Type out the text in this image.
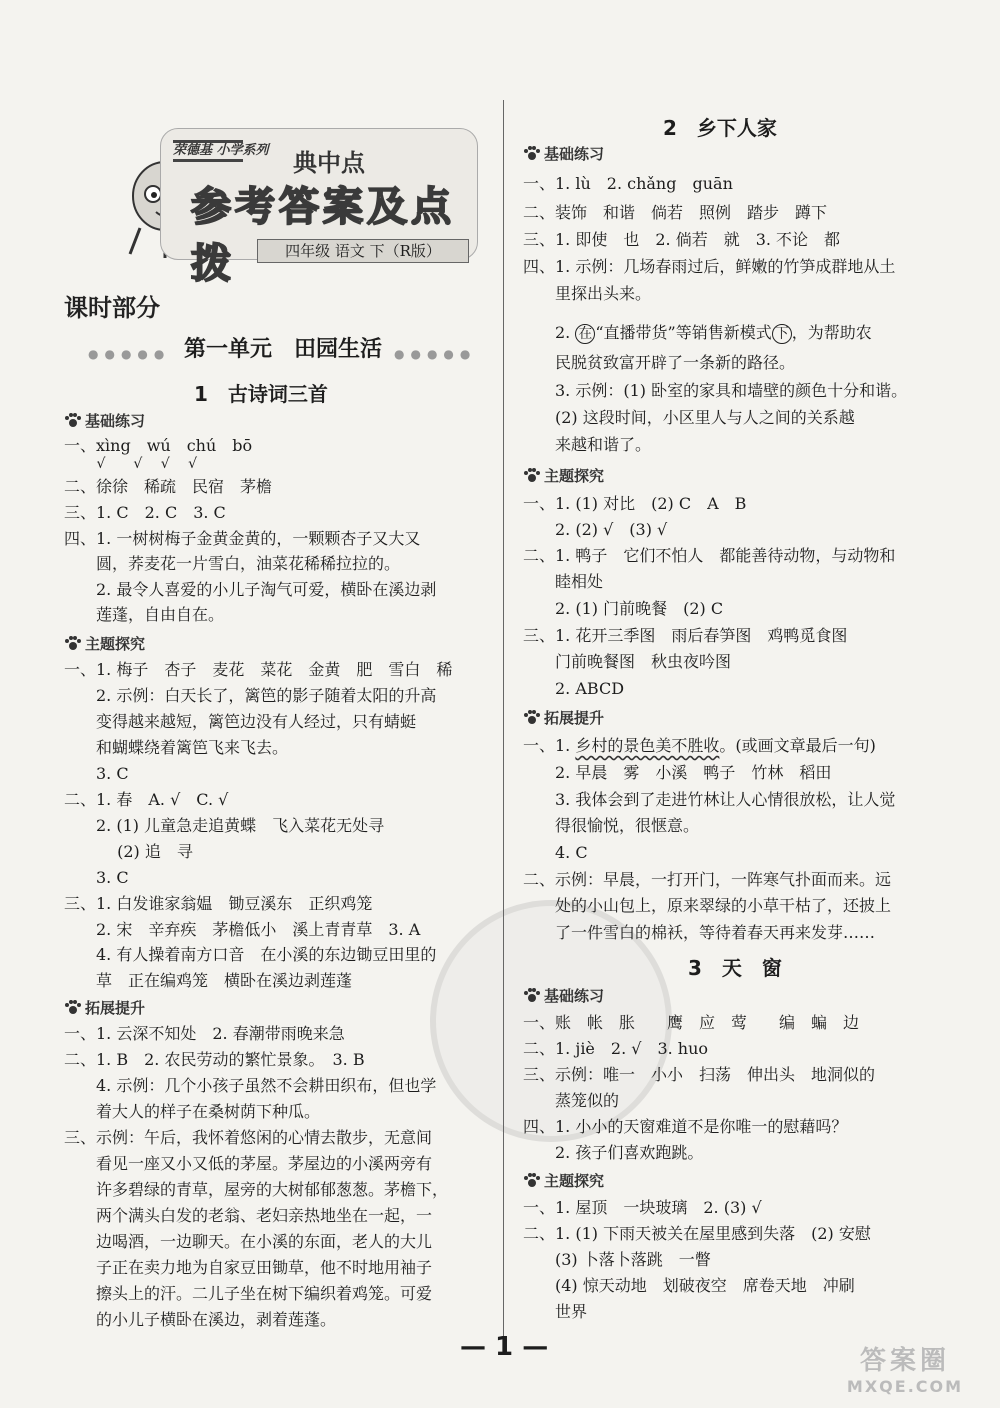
荣德基 小学系列	典中点
参考答案及点拨	四年级 语文 下（R版）
课时部分
●●●●● 第一单元　田园生活 ●●●●●
1　古诗词三首
基础练习
一、xìng　wú　chú　bō
　　 √　　√　 √　 √
二、徐徐　稀疏　民宿　茅檐
三、1. C　2. C　3. C
四、1. 一树树梅子金黄金黄的，一颗颗杏子又大又
　　圆，荞麦花一片雪白，油菜花稀稀拉拉的。
　　2. 最令人喜爱的小儿子淘气可爱，横卧在溪边剥
　　莲蓬，自由自在。
主题探究
一、1. 梅子　杏子　麦花　菜花　金黄　肥　雪白　稀
　　2. 示例：白天长了，篱笆的影子随着太阳的升高
　　变得越来越短，篱笆边没有人经过，只有蜻蜓
　　和蝴蝶绕着篱笆飞来飞去。
　　3. C
二、1. 春　A. √　C. √
　　2. (1) 儿童急走追黄蝶　飞入菜花无处寻
　　　 (2) 追　寻
　　3. C
三、1. 白发谁家翁媪　锄豆溪东　正织鸡笼
　　2. 宋　辛弃疾　茅檐低小　溪上青青草　3. A
　　4. 有人操着南方口音　在小溪的东边锄豆田里的
　　草　正在编鸡笼　横卧在溪边剥莲蓬
拓展提升
一、1. 云深不知处　2. 春潮带雨晚来急
二、1. B　2. 农民劳动的繁忙景象。　3. B
　　4. 示例：几个小孩子虽然不会耕田织布，但也学
　　着大人的样子在桑树荫下种瓜。
三、示例：午后，我怀着悠闲的心情去散步，无意间
　　看见一座又小又低的茅屋。茅屋边的小溪两旁有
　　许多碧绿的青草，屋旁的大树郁郁葱葱。茅檐下，
　　两个满头白发的老翁、老妇亲热地坐在一起，一
　　边喝酒，一边聊天。在小溪的东面，老人的大儿
　　子正在卖力地为自家豆田锄草，他不时地用袖子
　　擦头上的汗。二儿子坐在树下编织着鸡笼。可爱
　　的小儿子横卧在溪边，剥着莲蓬。
2　乡下人家
基础练习
一、1. lù　2. chǎng　guān
二、装饰　和谐　倘若　照例　踏步　蹲下
三、1. 即使　也　2. 倘若　就　3. 不论　都
四、1. 示例：几场春雨过后，鲜嫩的竹笋成群地从土
　　里探出头来。
　　2. 在 “直播带货”等销售新模式 下 ，为帮助农
　　民脱贫致富开辟了一条新的路径。
　　3. 示例：(1) 卧室的家具和墙壁的颜色十分和谐。
　　(2) 这段时间，小区里人与人之间的关系越
　　来越和谐了。
主题探究
一、1. (1) 对比　(2) C　A　B
　　2. (2) √　(3) √
二、1. 鸭子　它们不怕人　都能善待动物，与动物和
　　睦相处
　　2. (1) 门前晚餐　(2) C
三、1. 花开三季图　雨后春笋图　鸡鸭觅食图
　　门前晚餐图　秋虫夜吟图
　　2. ABCD
拓展提升
一、1. 乡村的景色美不胜收。(或画文章最后一句)
　　2. 早晨　雾　小溪　鸭子　竹林　稻田
　　3. 我体会到了走进竹林让人心情很放松，让人觉
　　得很愉悦，很惬意。
　　4. C
二、示例：早晨，一打开门，一阵寒气扑面而来。远
　　处的小山包上，原来翠绿的小草干枯了，还披上
　　了一件雪白的棉袄，等待着春天再来发芽……
3　天　窗
基础练习
一、账　帐　胀　　鹰　应　莺　　编　蝙　边
二、1. jiè　2. √　3. huo
三、示例：唯一　小小　扫荡　伸出头　地洞似的
　　蒸笼似的
四、1. 小小的天窗难道不是你唯一的慰藉吗？
　　2. 孩子们喜欢跑跳。
主题探究
一、1. 屋顶　一块玻璃　2. (3) √
二、1. (1) 下雨天被关在屋里感到失落　(2) 安慰
　　(3) 卜落卜落跳　一瞥
　　(4) 惊天动地　划破夜空　席卷天地　冲刷
　　世界
— 1 —	答案圈
MXQE.COM
